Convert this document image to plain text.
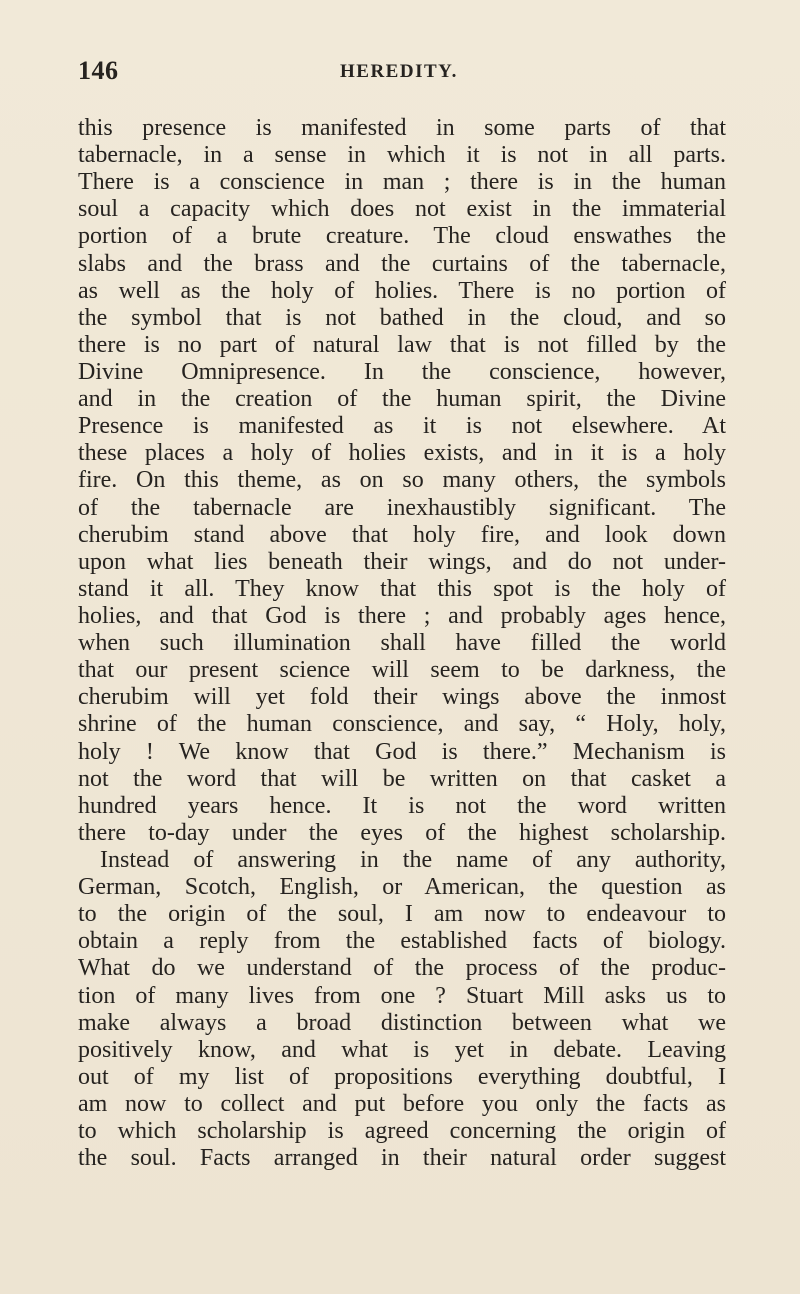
146	HEREDITY.
this presence is manifested in some parts of that
tabernacle, in a sense in which it is not in all parts.
There is a conscience in man ; there is in the human
soul a capacity which does not exist in the immaterial
portion of a brute creature. The cloud enswathes the
slabs and the brass and the curtains of the tabernacle,
as well as the holy of holies. There is no portion of
the symbol that is not bathed in the cloud, and so
there is no part of natural law that is not filled by the
Divine Omnipresence. In the conscience, however,
and in the creation of the human spirit, the Divine
Presence is manifested as it is not elsewhere. At
these places a holy of holies exists, and in it is a holy
fire. On this theme, as on so many others, the symbols
of the tabernacle are inexhaustibly significant. The
cherubim stand above that holy fire, and look down
upon what lies beneath their wings, and do not under-
stand it all. They know that this spot is the holy of
holies, and that God is there ; and probably ages hence,
when such illumination shall have filled the world
that our present science will seem to be darkness, the
cherubim will yet fold their wings above the inmost
shrine of the human conscience, and say, “ Holy, holy,
holy ! We know that God is there.” Mechanism is
not the word that will be written on that casket a
hundred years hence. It is not the word written
there to-day under the eyes of the highest scholarship.
Instead of answering in the name of any authority,
German, Scotch, English, or American, the question as
to the origin of the soul, I am now to endeavour to
obtain a reply from the established facts of biology.
What do we understand of the process of the produc-
tion of many lives from one ? Stuart Mill asks us to
make always a broad distinction between what we
positively know, and what is yet in debate. Leaving
out of my list of propositions everything doubtful, I
am now to collect and put before you only the facts as
to which scholarship is agreed concerning the origin of
the soul. Facts arranged in their natural order suggest
